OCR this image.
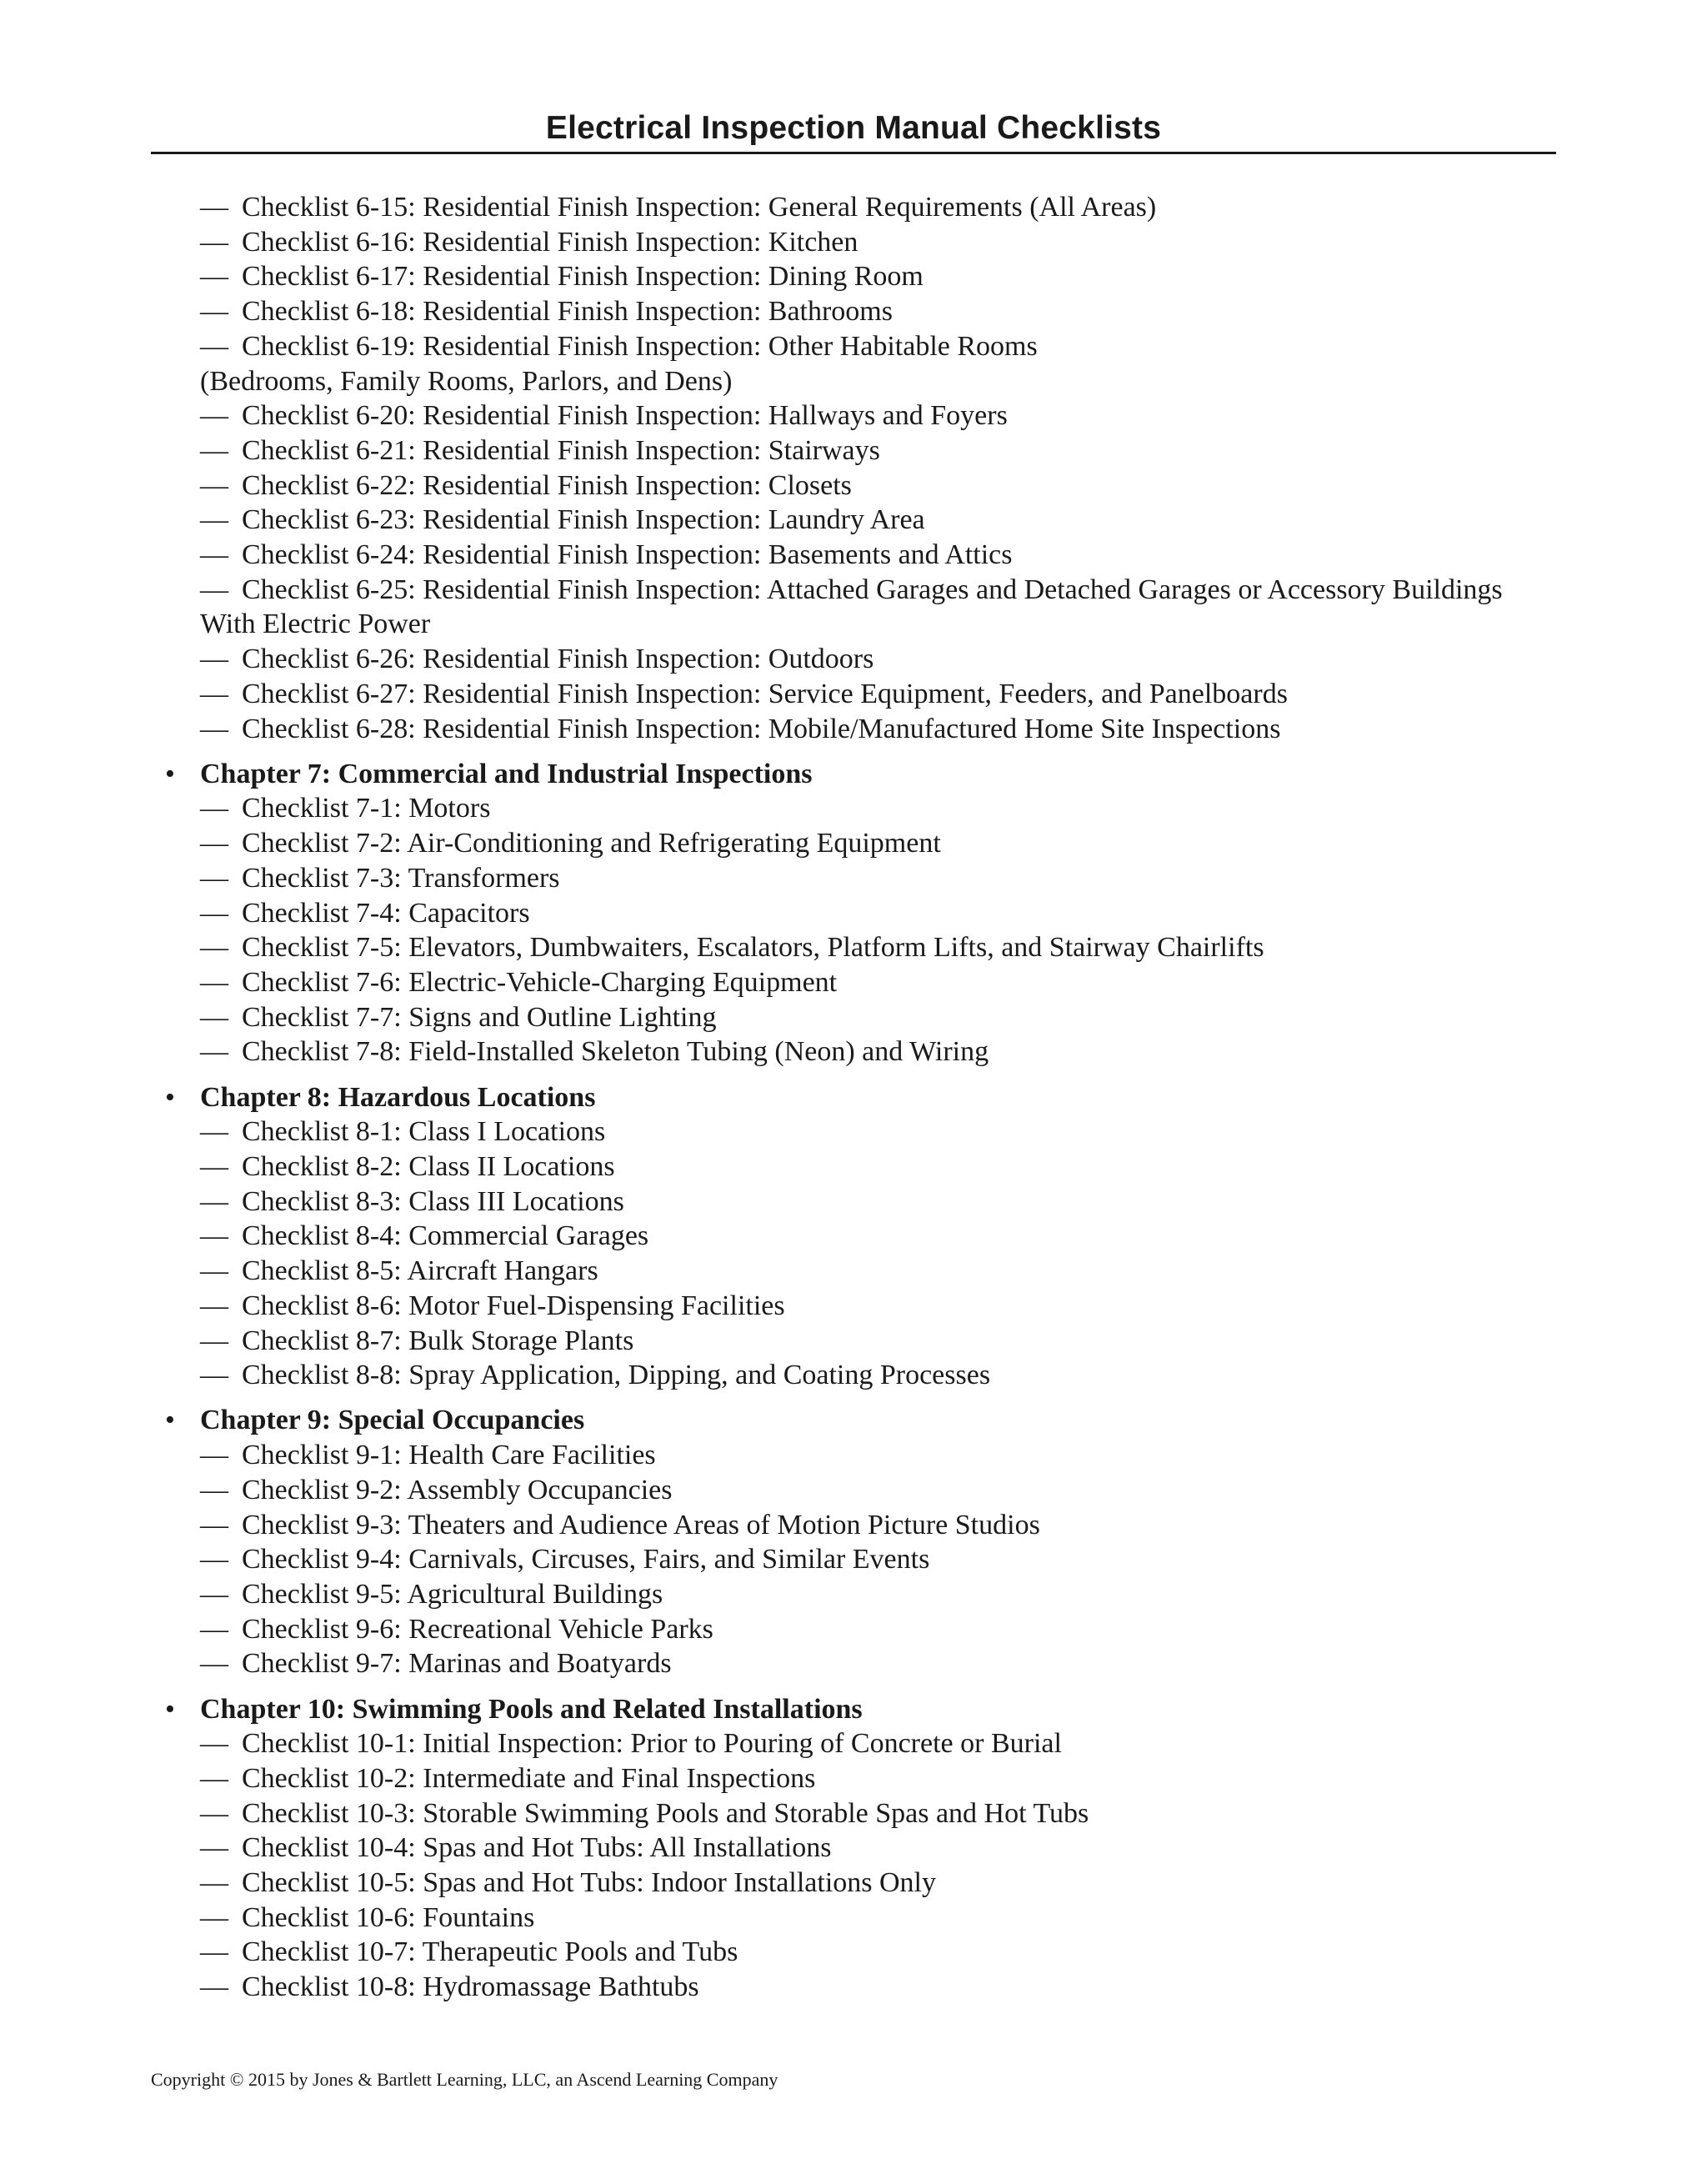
Electrical Inspection Manual Checklists

— Checklist 6-15: Residential Finish Inspection: General Requirements (All Areas)

— Checklist 6-16: Residential Finish Inspection: Kitchen

— Checklist 6-17: Residential Finish Inspection: Dining Room

— Checklist 6-18: Residential Finish Inspection: Bathrooms

— Checklist 6-19: Residential Finish Inspection: Other Habitable Rooms
(Bedrooms, Family Rooms, Parlors, and Dens)

— Checklist 6-20: Residential Finish Inspection: Hallways and Foyers

— Checklist 6-21: Residential Finish Inspection: Stairways

— Checklist 6-22: Residential Finish Inspection: Closets

— Checklist 6-23: Residential Finish Inspection: Laundry Area

— Checklist 6-24: Residential Finish Inspection: Basements and Attics

— Checklist 6-25: Residential Finish Inspection: Attached Garages and Detached Garages or Accessory Buildings
With Electric Power

— Checklist 6-26: Residential Finish Inspection: Outdoors

— Checklist 6-27: Residential Finish Inspection: Service Equipment, Feeders, and Panelboards

— Checklist 6-28: Residential Finish Inspection: Mobile/Manufactured Home Site Inspections

• Chapter 7: Commercial and Industrial Inspections

— Checklist 7-1: Motors

— Checklist 7-2: Air-Conditioning and Refrigerating Equipment

— Checklist 7-3: Transformers

— Checklist 7-4: Capacitors

— Checklist 7-5: Elevators, Dumbwaiters, Escalators, Platform Lifts, and Stairway Chairlifts

— Checklist 7-6: Electric-Vehicle-Charging Equipment

— Checklist 7-7: Signs and Outline Lighting

— Checklist 7-8: Field-Installed Skeleton Tubing (Neon) and Wiring

• Chapter 8: Hazardous Locations

— Checklist 8-1: Class I Locations

— Checklist 8-2: Class II Locations

— Checklist 8-3: Class III Locations

— Checklist 8-4: Commercial Garages

— Checklist 8-5: Aircraft Hangars

— Checklist 8-6: Motor Fuel-Dispensing Facilities

— Checklist 8-7: Bulk Storage Plants

— Checklist 8-8: Spray Application, Dipping, and Coating Processes

• Chapter 9: Special Occupancies

— Checklist 9-1: Health Care Facilities

— Checklist 9-2: Assembly Occupancies

— Checklist 9-3: Theaters and Audience Areas of Motion Picture Studios

— Checklist 9-4: Carnivals, Circuses, Fairs, and Similar Events

— Checklist 9-5: Agricultural Buildings

— Checklist 9-6: Recreational Vehicle Parks

— Checklist 9-7: Marinas and Boatyards

• Chapter 10: Swimming Pools and Related Installations

— Checklist 10-1: Initial Inspection: Prior to Pouring of Concrete or Burial

— Checklist 10-2: Intermediate and Final Inspections

— Checklist 10-3: Storable Swimming Pools and Storable Spas and Hot Tubs

— Checklist 10-4: Spas and Hot Tubs: All Installations

— Checklist 10-5: Spas and Hot Tubs: Indoor Installations Only

— Checklist 10-6: Fountains

— Checklist 10-7: Therapeutic Pools and Tubs

— Checklist 10-8: Hydromassage Bathtubs

Copyright © 2015 by Jones & Bartlett Learning, LLC, an Ascend Learning Company
